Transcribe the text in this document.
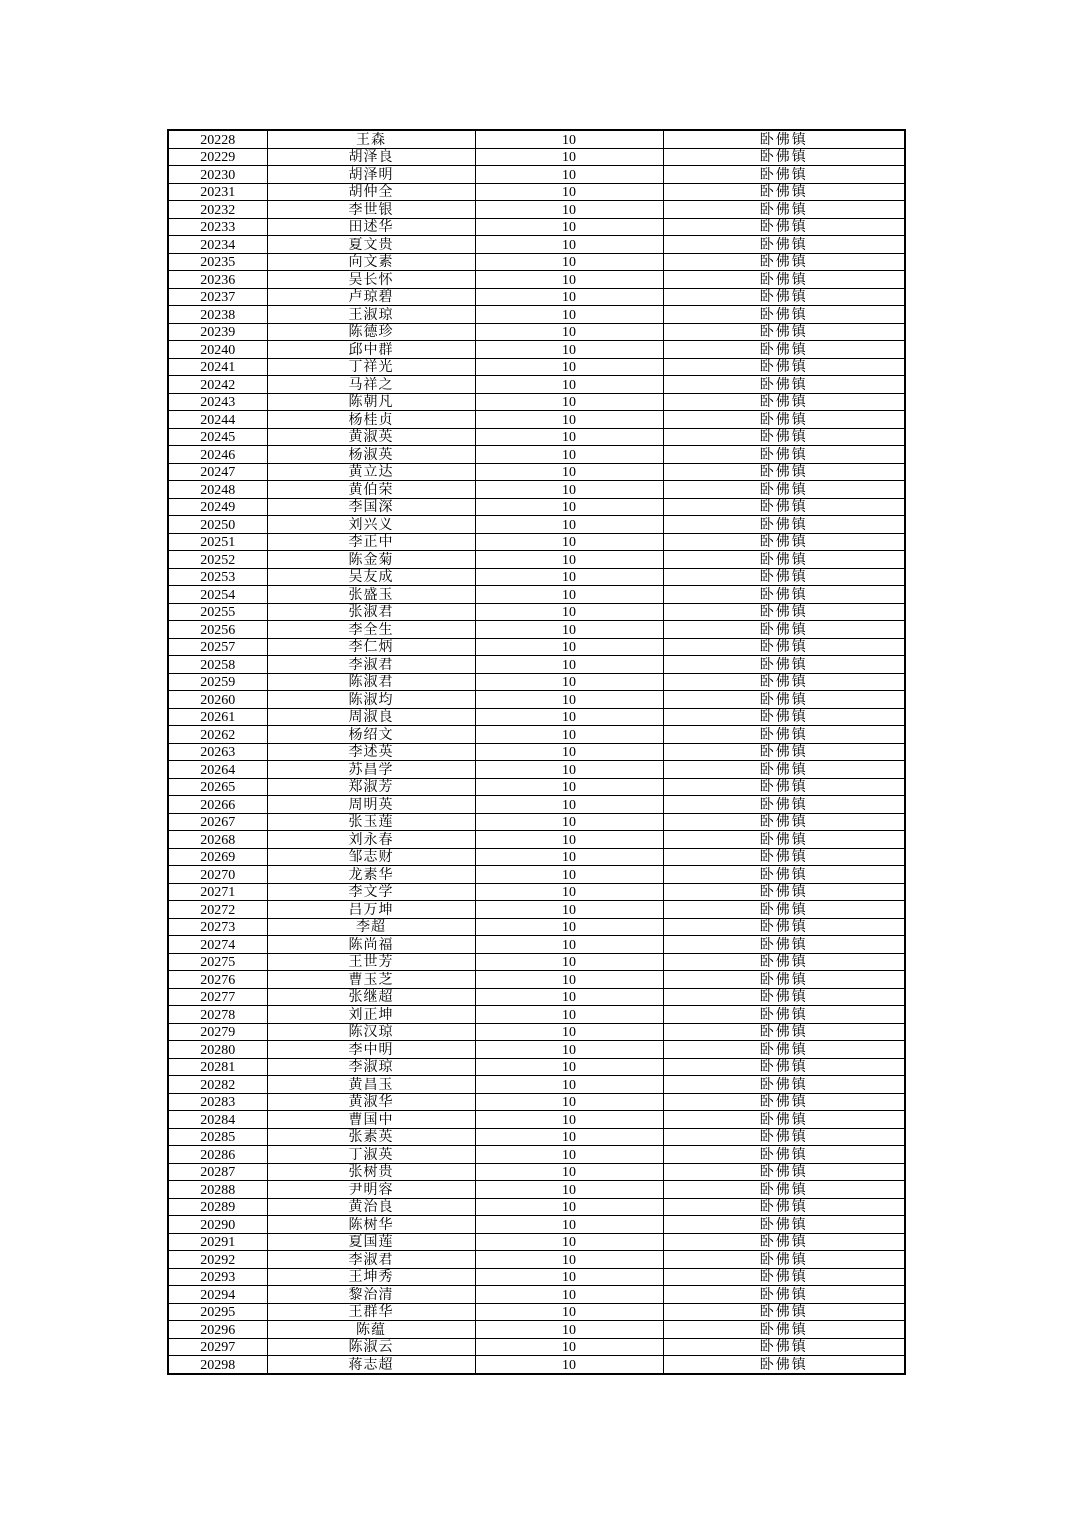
20228	王森	10	卧佛镇
20229	胡泽良	10	卧佛镇
20230	胡泽明	10	卧佛镇
20231	胡仲全	10	卧佛镇
20232	李世银	10	卧佛镇
20233	田述华	10	卧佛镇
20234	夏文贵	10	卧佛镇
20235	向文素	10	卧佛镇
20236	吴长怀	10	卧佛镇
20237	卢琼碧	10	卧佛镇
20238	王淑琼	10	卧佛镇
20239	陈德珍	10	卧佛镇
20240	邱中群	10	卧佛镇
20241	丁祥光	10	卧佛镇
20242	马祥之	10	卧佛镇
20243	陈朝凡	10	卧佛镇
20244	杨桂贞	10	卧佛镇
20245	黄淑英	10	卧佛镇
20246	杨淑英	10	卧佛镇
20247	黄立达	10	卧佛镇
20248	黄伯荣	10	卧佛镇
20249	李国深	10	卧佛镇
20250	刘兴义	10	卧佛镇
20251	李正中	10	卧佛镇
20252	陈金菊	10	卧佛镇
20253	吴友成	10	卧佛镇
20254	张盛玉	10	卧佛镇
20255	张淑君	10	卧佛镇
20256	李全生	10	卧佛镇
20257	李仁炳	10	卧佛镇
20258	李淑君	10	卧佛镇
20259	陈淑君	10	卧佛镇
20260	陈淑均	10	卧佛镇
20261	周淑良	10	卧佛镇
20262	杨绍文	10	卧佛镇
20263	李述英	10	卧佛镇
20264	苏昌学	10	卧佛镇
20265	郑淑芳	10	卧佛镇
20266	周明英	10	卧佛镇
20267	张玉莲	10	卧佛镇
20268	刘永春	10	卧佛镇
20269	邹志财	10	卧佛镇
20270	龙素华	10	卧佛镇
20271	李文学	10	卧佛镇
20272	吕万坤	10	卧佛镇
20273	李超	10	卧佛镇
20274	陈尚福	10	卧佛镇
20275	王世芳	10	卧佛镇
20276	曹玉芝	10	卧佛镇
20277	张继超	10	卧佛镇
20278	刘正坤	10	卧佛镇
20279	陈汉琼	10	卧佛镇
20280	李中明	10	卧佛镇
20281	李淑琼	10	卧佛镇
20282	黄昌玉	10	卧佛镇
20283	黄淑华	10	卧佛镇
20284	曹国中	10	卧佛镇
20285	张素英	10	卧佛镇
20286	丁淑英	10	卧佛镇
20287	张树贵	10	卧佛镇
20288	尹明容	10	卧佛镇
20289	黄治良	10	卧佛镇
20290	陈树华	10	卧佛镇
20291	夏国莲	10	卧佛镇
20292	李淑君	10	卧佛镇
20293	王坤秀	10	卧佛镇
20294	黎治清	10	卧佛镇
20295	王群华	10	卧佛镇
20296	陈蕴	10	卧佛镇
20297	陈淑云	10	卧佛镇
20298	蒋志超	10	卧佛镇
